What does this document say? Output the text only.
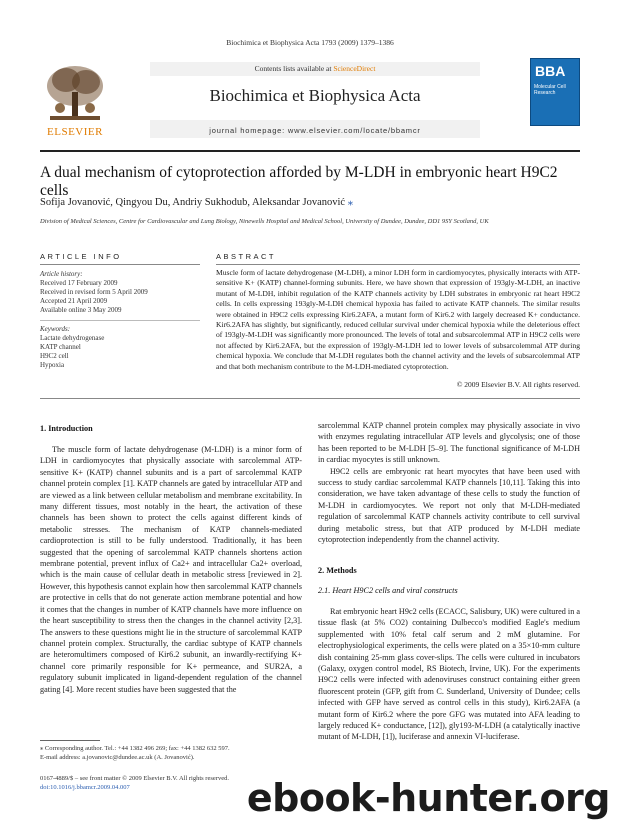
Biochimica et Biophysica Acta 1793 (2009) 1379–1386
ELSEVIER
Contents lists available at ScienceDirect
Biochimica et Biophysica Acta
journal homepage: www.elsevier.com/locate/bbamcr
BBA
Molecular Cell Research
A dual mechanism of cytoprotection afforded by M-LDH in embryonic heart H9C2 cells
Sofija Jovanović, Qingyou Du, Andriy Sukhodub, Aleksandar Jovanović ⁎
Division of Medical Sciences, Centre for Cardiovascular and Lung Biology, Ninewells Hospital and Medical School, University of Dundee, Dundee, DD1 9SY Scotland, UK
ARTICLE INFO
Article history:
Received 17 February 2009
Received in revised form 5 April 2009
Accepted 21 April 2009
Available online 3 May 2009
Keywords:
Lactate dehydrogenase
KATP channel
H9C2 cell
Hypoxia
ABSTRACT
Muscle form of lactate dehydrogenase (M-LDH), a minor LDH form in cardiomyocytes, physically interacts with ATP-sensitive K+ (KATP) channel-forming subunits. Here, we have shown that expression of 193gly-M-LDH, an inactive mutant of M-LDH, inhibit regulation of the KATP channels activity by LDH substrates in embryonic rat heart H9C2 cells. In cells expressing 193gly-M-LDH chemical hypoxia has failed to activate KATP channels. The similar results were obtained in H9C2 cells expressing Kir6.2AFA, a mutant form of Kir6.2 with largely decreased K+ conductance. Kir6.2AFA has slightly, but significantly, reduced cellular survival under chemical hypoxia while the deleterious effect of 193gly-M-LDH was significantly more pronounced. The levels of total and subsarcolemmal ATP in H9C2 cells were not affected by Kir6.2AFA, but the expression of 193gly-M-LDH led to lower levels of subsarcolemmal ATP during chemical hypoxia. We conclude that M-LDH regulates both the channel activity and the levels of subsarcolemmal ATP and that both mechanism contribute to the M-LDH-mediated cytoprotection.
© 2009 Elsevier B.V. All rights reserved.
1. Introduction

The muscle form of lactate dehydrogenase (M-LDH) is a minor form of LDH in cardiomyocytes that physically associate with sarcolemmal ATP-sensitive K+ (KATP) channel subunits and is a part of sarcolemmal KATP channel protein complex [1]. KATP channels are gated by intracellular ATP and are viewed as a link between cellular metabolism and membrane excitability. In many different tissues, most notably in the heart, the activation of these channels has been shown to protect the cells against different kinds of metabolic stresses. The mechanism of KATP channels-mediated cardioprotection is still to be fully understood. Traditionally, it has been suggested that the opening of sarcolemmal KATP channels shortens action membrane potential, prevent influx of Ca2+ and intracellular Ca2+ overload, which is the main cause of cellular death in metabolic stress [reviewed in 2]. However, this hypothesis cannot explain how then sarcolemmal KATP channels are protective in cells that do not generate action membrane potential and how it comes that the changes in number of KATP channels have more influence on the heart susceptibility to stress then the changes in the channel activity [2,3]. The answers to these questions might lie in the structure of sarcolemmal KATP channel protein complex. Structurally, the cardiac subtype of KATP channels are heteromultimers composed of Kir6.2 subunit, an inwardly-rectifying K+ channel core primarily responsible for K+ permeance, and SUR2A, a regulatory subunit implicated in ligand-dependent regulation of the channel gating [4]. More recent studies have been suggested that the

sarcolemmal KATP channel protein complex may physically associate in vivo with enzymes regulating intracellular ATP levels and glycolysis; one of those has been reported to be M-LDH [5–9]. The functional significance of M-LDH in cardiac myocytes is still unknown.

H9C2 cells are embryonic rat heart myocytes that have been used with success to study cardiac sarcolemmal KATP channels [10,11]. Taking this into consideration, we have taken advantage of these cells to study the function of M-LDH in cardiomyocytes. We report not only that M-LDH-mediated regulation of sarcolemmal KATP channels activity contribute to cell survival during metabolic stress, but that ATP produced by M-LDH mediate cytoprotection independently from the channel activity.

2. Methods
2.1. Heart H9C2 cells and viral constructs

Rat embryonic heart H9c2 cells (ECACC, Salisbury, UK) were cultured in a tissue flask (at 5% CO2) containing Dulbecco's modified Eagle's medium supplemented with 10% fetal calf serum and 2 mM glutamine. For electrophysiological experiments, the cells were plated on a 35×10-mm culture dish containing 25-mm glass cover-slips. The cells were cultured in incubators (Galaxy, oxygen control model, RS Biotech, Irvine, UK). For the experiments H9C2 cells were infected with adenoviruses construct containing either green fluorescent protein (GFP, gift from C. Sunderland, University of Dundee; cells infected with GFP have served as control cells in this study), Kir6.2AFA (a mutant form of Kir6.2 where the pore GFG was mutated into AFA leading to largely reduced K+ conductance, [12]), gly193-M-LDH (a catalytically inactive mutant of M-LDH, [1]), luciferase and annexin VI-luciferase.

⁎ Corresponding author. Tel.: +44 1382 496 269; fax: +44 1382 632 597.
E-mail address: a.jovanovic@dundee.ac.uk (A. Jovanović).
0167-4889/$ – see front matter © 2009 Elsevier B.V. All rights reserved.
doi:10.1016/j.bbamcr.2009.04.007	ebook-hunter.org
